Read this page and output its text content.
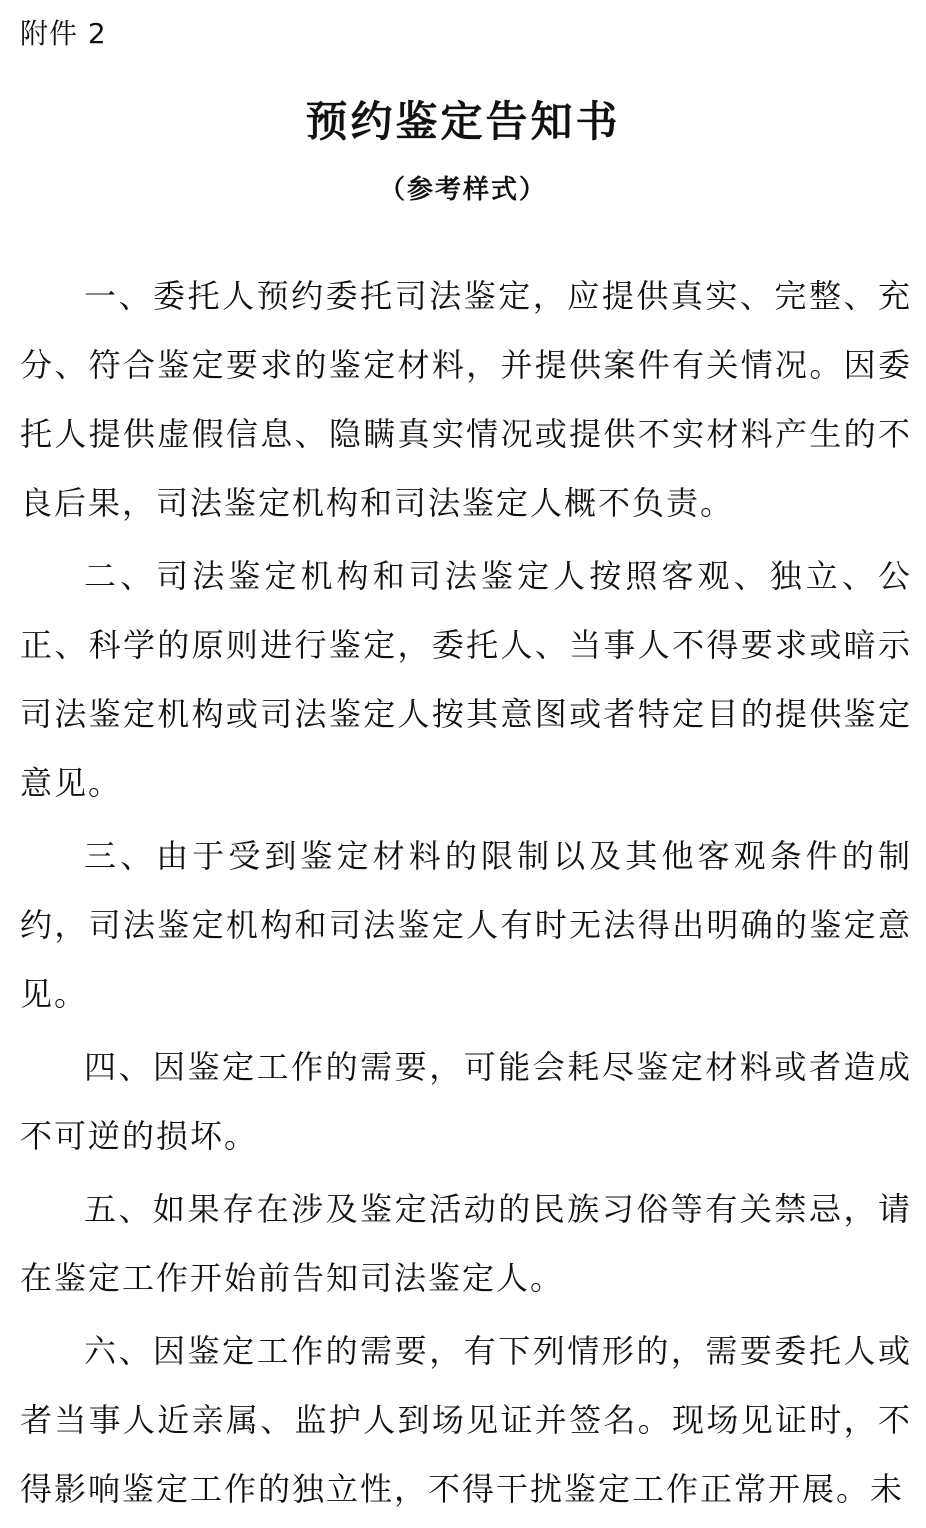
附件 2
预约鉴定告知书
（参考样式）

一、委托人预约委托司法鉴定，应提供真实、完整、充分、符合鉴定要求的鉴定材料，并提供案件有关情况。因委托人提供虚假信息、隐瞒真实情况或提供不实材料产生的不良后果，司法鉴定机构和司法鉴定人概不负责。

二、司法鉴定机构和司法鉴定人按照客观、独立、公正、科学的原则进行鉴定，委托人、当事人不得要求或暗示司法鉴定机构或司法鉴定人按其意图或者特定目的提供鉴定意见。

三、由于受到鉴定材料的限制以及其他客观条件的制约，司法鉴定机构和司法鉴定人有时无法得出明确的鉴定意见。

四、因鉴定工作的需要，可能会耗尽鉴定材料或者造成不可逆的损坏。

五、如果存在涉及鉴定活动的民族习俗等有关禁忌，请在鉴定工作开始前告知司法鉴定人。

六、因鉴定工作的需要，有下列情形的，需要委托人或者当事人近亲属、监护人到场见证并签名。现场见证时，不得影响鉴定工作的独立性，不得干扰鉴定工作正常开展。未
